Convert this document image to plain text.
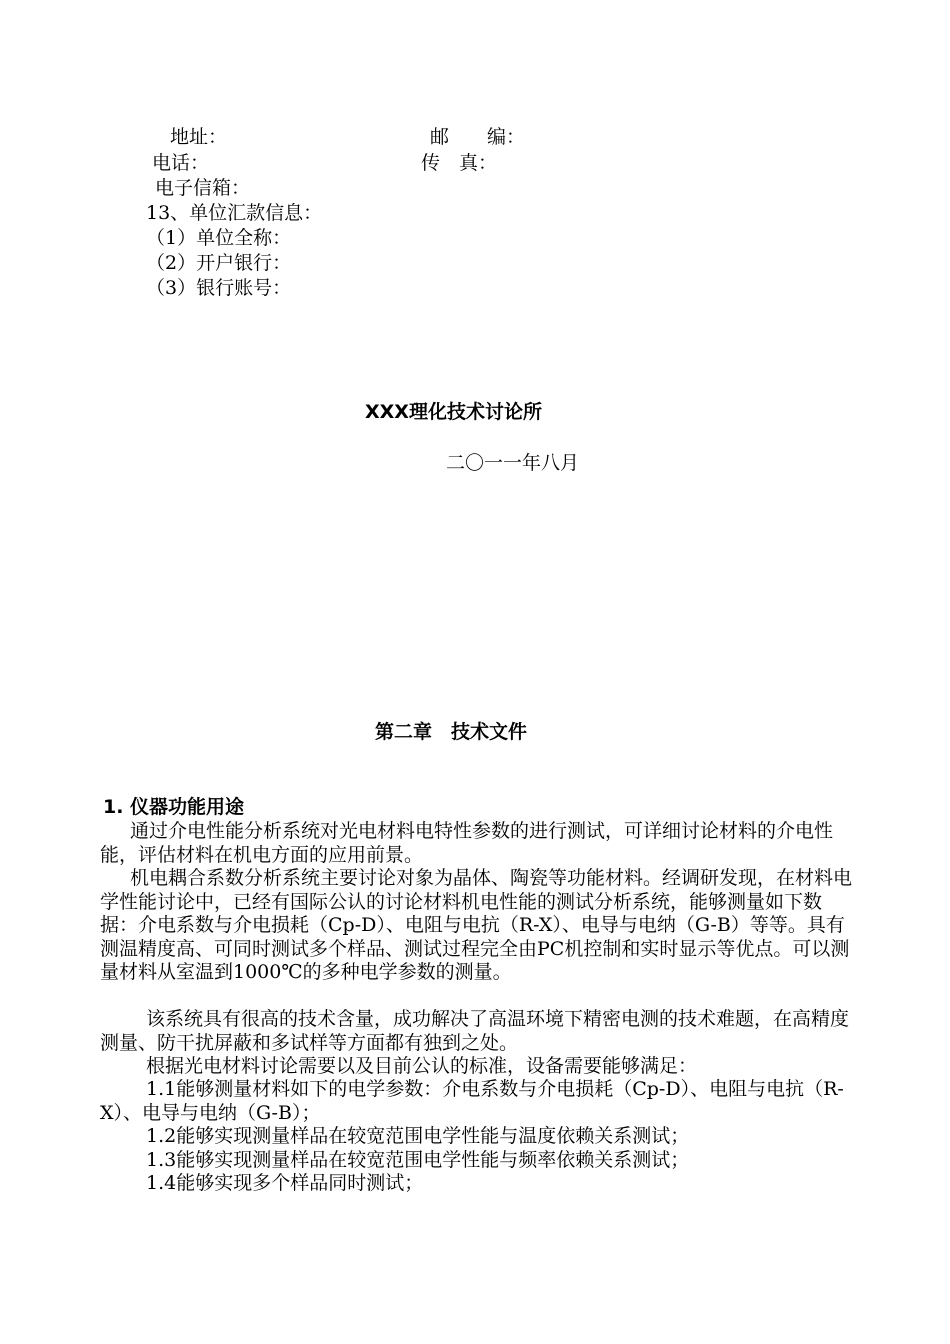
地址：	邮　　编：
电话：	传　真：
电子信箱：
13、单位汇款信息：
（1）单位全称：
（2）开户银行：
（3）银行账号：
XXX理化技术讨论所
二〇一一年八月
第二章　技术文件
1. 仪器功能用途
通过介电性能分析系统对光电材料电特性参数的进行测试，可详细讨论材料的介电性能，评估材料在机电方面的应用前景。
机电耦合系数分析系统主要讨论对象为晶体、陶瓷等功能材料。经调研发现，在材料电学性能讨论中，已经有国际公认的讨论材料机电性能的测试分析系统，能够测量如下数据：介电系数与介电损耗（Cp-D）、电阻与电抗（R-X）、电导与电纳（G-B）等等。具有测温精度高、可同时测试多个样品、测试过程完全由PC机控制和实时显示等优点。可以测量材料从室温到1000℃的多种电学参数的测量。
该系统具有很高的技术含量，成功解决了高温环境下精密电测的技术难题，在高精度测量、防干扰屏蔽和多试样等方面都有独到之处。
根据光电材料讨论需要以及目前公认的标准，设备需要能够满足：
1.1能够测量材料如下的电学参数：介电系数与介电损耗（Cp-D）、电阻与电抗（R-X）、电导与电纳（G-B）；
1.2能够实现测量样品在较宽范围电学性能与温度依赖关系测试；
1.3能够实现测量样品在较宽范围电学性能与频率依赖关系测试；
1.4能够实现多个样品同时测试；
